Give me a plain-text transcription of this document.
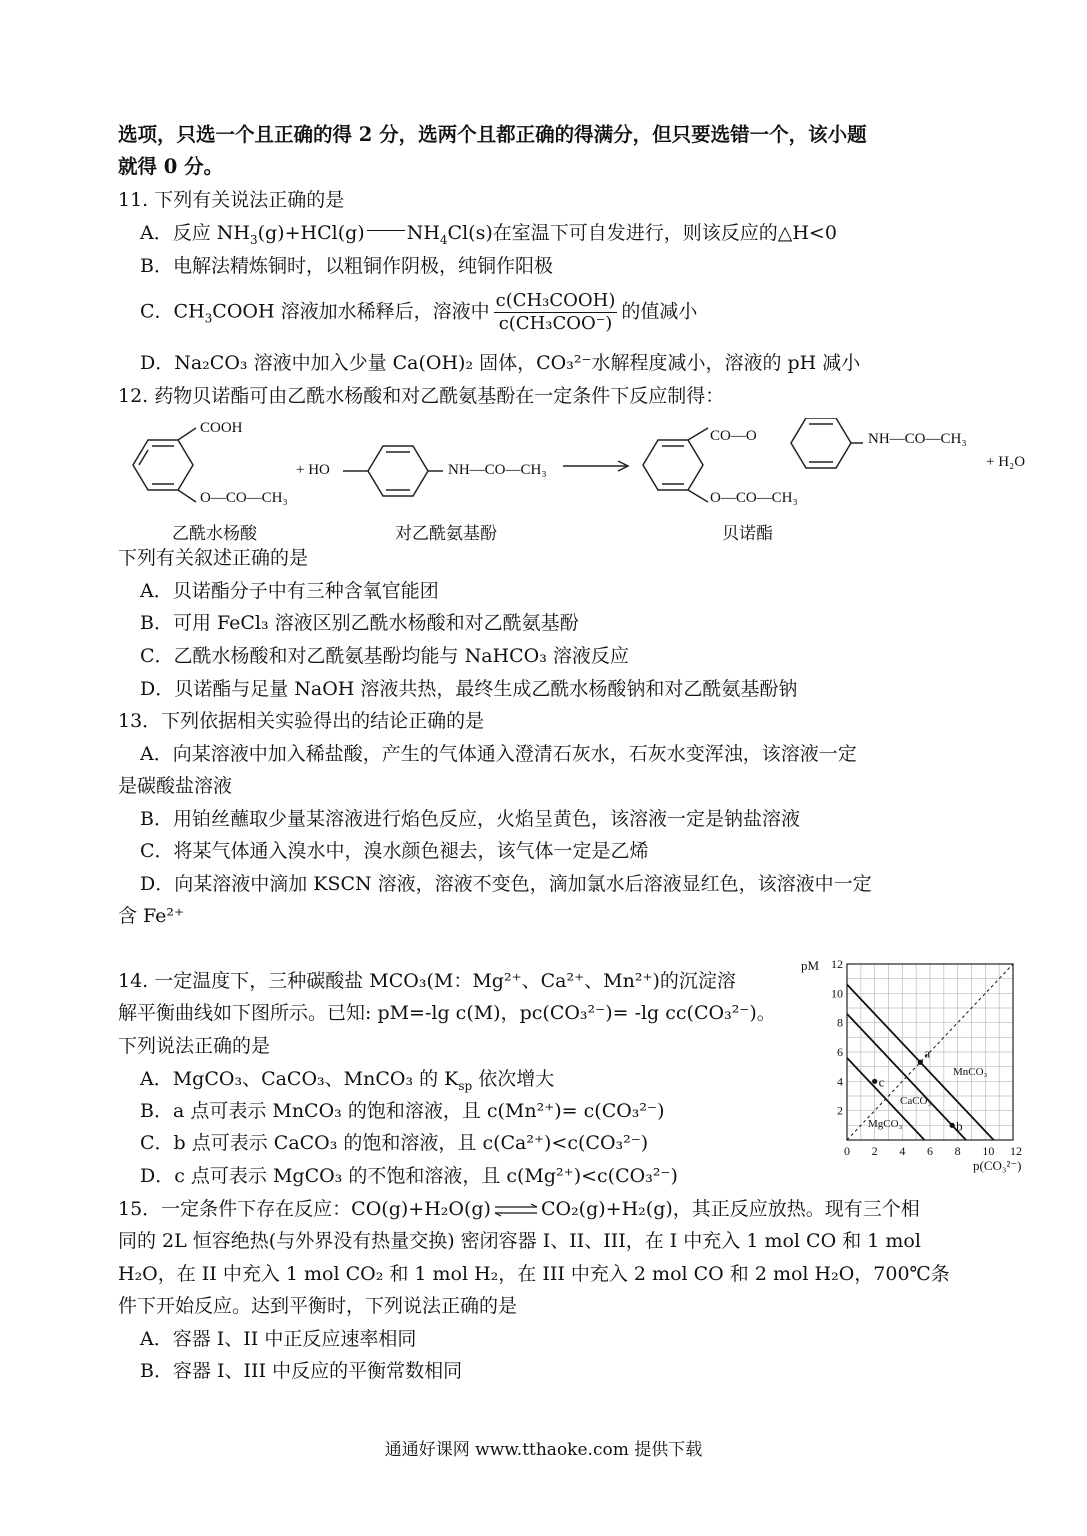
选项，只选一个且正确的得 2 分，选两个且都正确的得满分，但只要选错一个，该小题
就得 0 分。
11. 下列有关说法正确的是
A．反应 $NH_3(g)+HCl(g)$ $NH_4Cl(s)$在室温下可自发进行，则该反应的△H<0
B．电解法精炼铜时，以粗铜作阴极，纯铜作阳极
C．$CH_3COOH$ 溶液加水稀释后，溶液中 $\frac{\text{c(CH₃COOH)}}{\text{c(CH₃COO⁻)}}$ 的值减小
D．Na₂CO₃ 溶液中加入少量 Ca(OH)₂ 固体，CO₃²⁻水解程度减小，溶液的 pH 减小
12. 药物贝诺酯可由乙酰水杨酸和对乙酰氨基酚在一定条件下反应制得：
COOH
O—CO—CH₃
+ HO	NH—CO—CH₃
CO—O	NH—CO—CH₃
O—CO—CH₃
+ H₂O
乙酰水杨酸	对乙酰氨基酚	贝诺酯
下列有关叙述正确的是
A．贝诺酯分子中有三种含氧官能团
B．可用 FeCl₃ 溶液区别乙酰水杨酸和对乙酰氨基酚
C．乙酰水杨酸和对乙酰氨基酚均能与 NaHCO₃ 溶液反应
D．贝诺酯与足量 NaOH 溶液共热，最终生成乙酰水杨酸钠和对乙酰氨基酚钠
13．下列依据相关实验得出的结论正确的是
A．向某溶液中加入稀盐酸，产生的气体通入澄清石灰水，石灰水变浑浊，该溶液一定
是碳酸盐溶液
B．用铂丝蘸取少量某溶液进行焰色反应，火焰呈黄色，该溶液一定是钠盐溶液
C．将某气体通入溴水中，溴水颜色褪去，该气体一定是乙烯
D．向某溶液中滴加 KSCN 溶液，溶液不变色，滴加氯水后溶液显红色，该溶液中一定
含 Fe²⁺
14. 一定温度下，三种碳酸盐 MCO₃(M：Mg²⁺、Ca²⁺、Mn²⁺)的沉淀溶
解平衡曲线如下图所示。已知: pM=-lg c(M)，pc(CO₃²⁻)= -lg cc(CO₃²⁻)。
下列说法正确的是
A．MgCO₃、CaCO₃、MnCO₃ 的 $K_{sp}$ 依次增大
B．a 点可表示 MnCO₃ 的饱和溶液，且 c(Mn²⁺)= c(CO₃²⁻)
C．b 点可表示 CaCO₃ 的饱和溶液，且 c(Ca²⁺)<c(CO₃²⁻)
D．c 点可表示 MgCO₃ 的不饱和溶液，且 c(Mg²⁺)<c(CO₃²⁻)
a
b
c
0 2 4 6 8 10 12
2
4
6
8
10
12
pM
p(CO₃²⁻)
MnCO₃
CaCO₃
MgCO₃
15．一定条件下存在反应：CO(g)+H₂O(g) ⇌ CO₂(g)+H₂(g)，其正反应放热。现有三个相
同的 2L 恒容绝热(与外界没有热量交换) 密闭容器 I、II、III，在 I 中充入 1 mol CO 和 1 mol
H₂O，在 II 中充入 1 mol CO₂ 和 1 mol H₂，在 III 中充入 2 mol CO 和 2 mol H₂O，700℃条
件下开始反应。达到平衡时，下列说法正确的是
A．容器 I、II 中正反应速率相同
B．容器 I、III 中反应的平衡常数相同
通通好课网 www.tthaoke.com 提供下载
